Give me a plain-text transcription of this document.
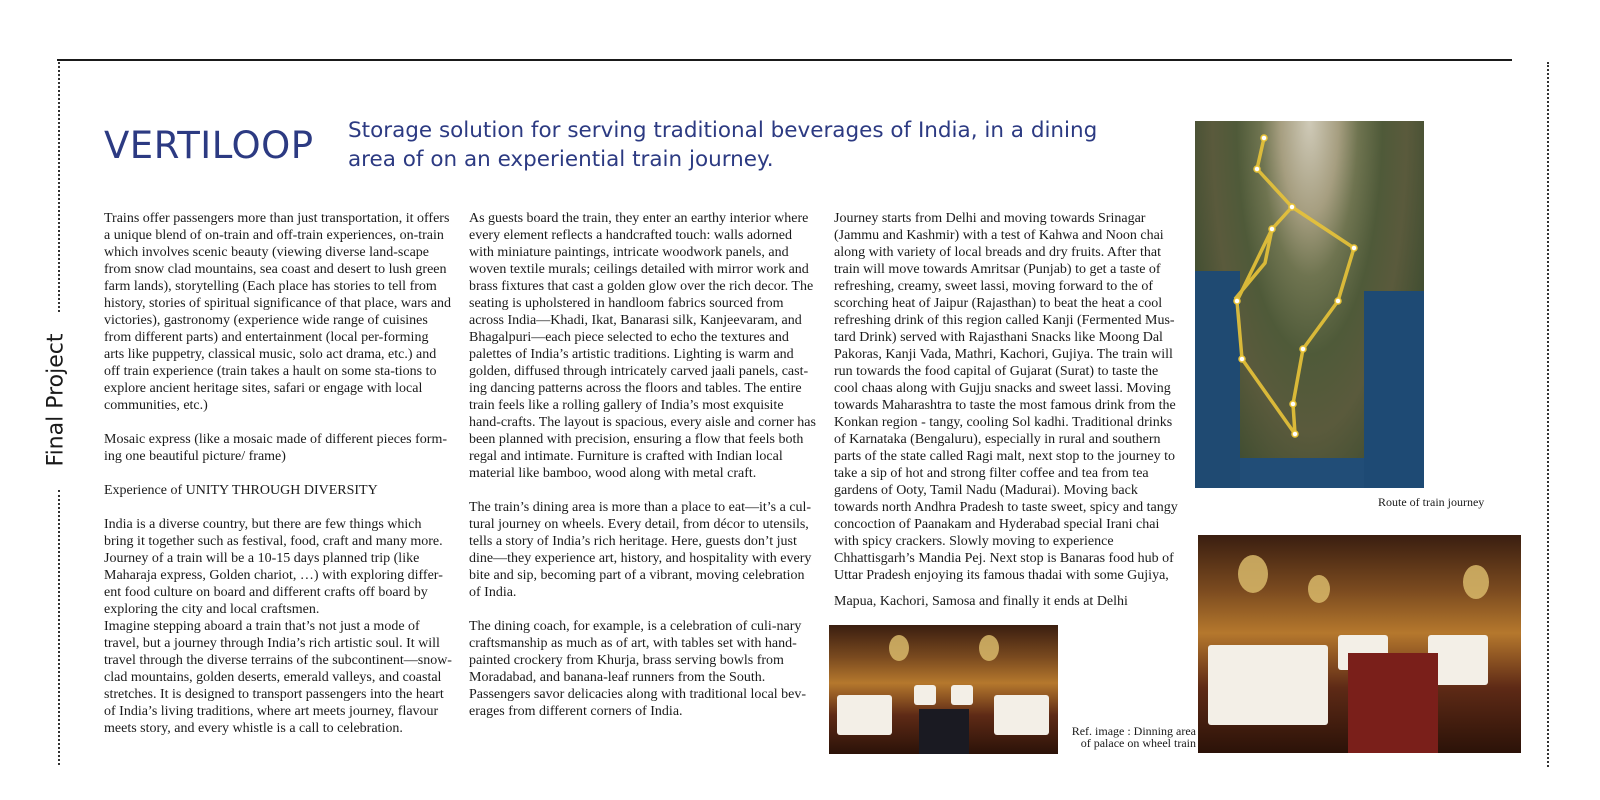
Final Project
VERTILOOP Storage solution for serving traditional beverages of India, in a dining area of on an experiential train journey.

Trains offer passengers more than just transportation, it offers a unique blend of on-train and off-train experiences, on-train which involves scenic beauty (viewing diverse land-scape from snow clad mountains, sea coast and desert to lush green farm lands), storytelling (Each place has stories to tell from history, stories of spiritual significance of that place, wars and victories), gastronomy (experience wide range of cuisines from different parts) and entertainment (local per-forming arts like puppetry, classical music, solo act drama, etc.) and off train experience (train takes a hault on some sta-tions to explore ancient heritage sites, safari or engage with local communities, etc.)

Mosaic express (like a mosaic made of different pieces form-ing one beautiful picture/ frame)

Experience of UNITY THROUGH DIVERSITY

India is a diverse country, but there are few things which bring it together such as festival, food, craft and many more. Journey of a train will be a 10-15 days planned trip (like Maharaja express, Golden chariot, …) with exploring differ-ent food culture on board and different crafts off board by exploring the city and local craftsmen.

Imagine stepping aboard a train that’s not just a mode of travel, but a journey through India’s rich artistic soul. It will travel through the diverse terrains of the subcontinent—snow-clad mountains, golden deserts, emerald valleys, and coastal stretches. It is designed to transport passengers into the heart of India’s living traditions, where art meets journey, flavour meets story, and every whistle is a call to celebration.

As guests board the train, they enter an earthy interior where every element reflects a handcrafted touch: walls adorned with miniature paintings, intricate woodwork panels, and woven textile murals; ceilings detailed with mirror work and brass fixtures that cast a golden glow over the rich decor. The seating is upholstered in handloom fabrics sourced from across India—Khadi, Ikat, Banarasi silk, Kanjeevaram, and Bhagalpuri—each piece selected to echo the textures and palettes of India’s artistic traditions. Lighting is warm and golden, diffused through intricately carved jaali panels, cast-ing dancing patterns across the floors and tables. The entire train feels like a rolling gallery of India’s most exquisite hand-crafts. The layout is spacious, every aisle and corner has been planned with precision, ensuring a flow that feels both regal and intimate. Furniture is crafted with Indian local material like bamboo, wood along with metal craft.

The train’s dining area is more than a place to eat—it’s a cul-tural journey on wheels. Every detail, from décor to utensils, tells a story of India’s rich heritage. Here, guests don’t just dine—they experience art, history, and hospitality with every bite and sip, becoming part of a vibrant, moving celebration of India.

The dining coach, for example, is a celebration of culi-nary craftsmanship as much as of art, with tables set with hand-painted crockery from Khurja, brass serving bowls from Moradabad, and banana-leaf runners from the South. Passengers savor delicacies along with traditional local bev-erages from different corners of India.

Journey starts from Delhi and moving towards Srinagar (Jammu and Kashmir) with a test of Kahwa and Noon chai along with variety of local breads and dry fruits. After that train will move towards Amritsar (Punjab) to get a taste of refreshing, creamy, sweet lassi, moving forward to the of scorching heat of Jaipur (Rajasthan) to beat the heat a cool refreshing drink of this region called Kanji (Fermented Mus-tard Drink) served with Rajasthani Snacks like Moong Dal Pakoras, Kanji Vada, Mathri, Kachori, Gujiya. The train will run towards the food capital of Gujarat (Surat) to taste the cool chaas along with Gujju snacks and sweet lassi. Moving towards Maharashtra to taste the most famous drink from the Konkan region - tangy, cooling Sol kadhi. Traditional drinks of Karnataka (Bengaluru), especially in rural and southern parts of the state called Ragi malt, next stop to the journey to take a sip of hot and strong filter coffee and tea from tea gardens of Ooty, Tamil Nadu (Madurai). Moving back towards north Andhra Pradesh to taste sweet, spicy and tangy concoction of Paanakam and Hyderabad special Irani chai with spicy crackers. Slowly moving to experience Chhattisgarh’s Mandia Pej. Next stop is Banaras food hub of Uttar Pradesh enjoying its famous thadai with some Gujiya,

Mapua, Kachori, Samosa and finally it ends at Delhi

Route of train journey
Ref. image : Dinning area
of palace on wheel train
